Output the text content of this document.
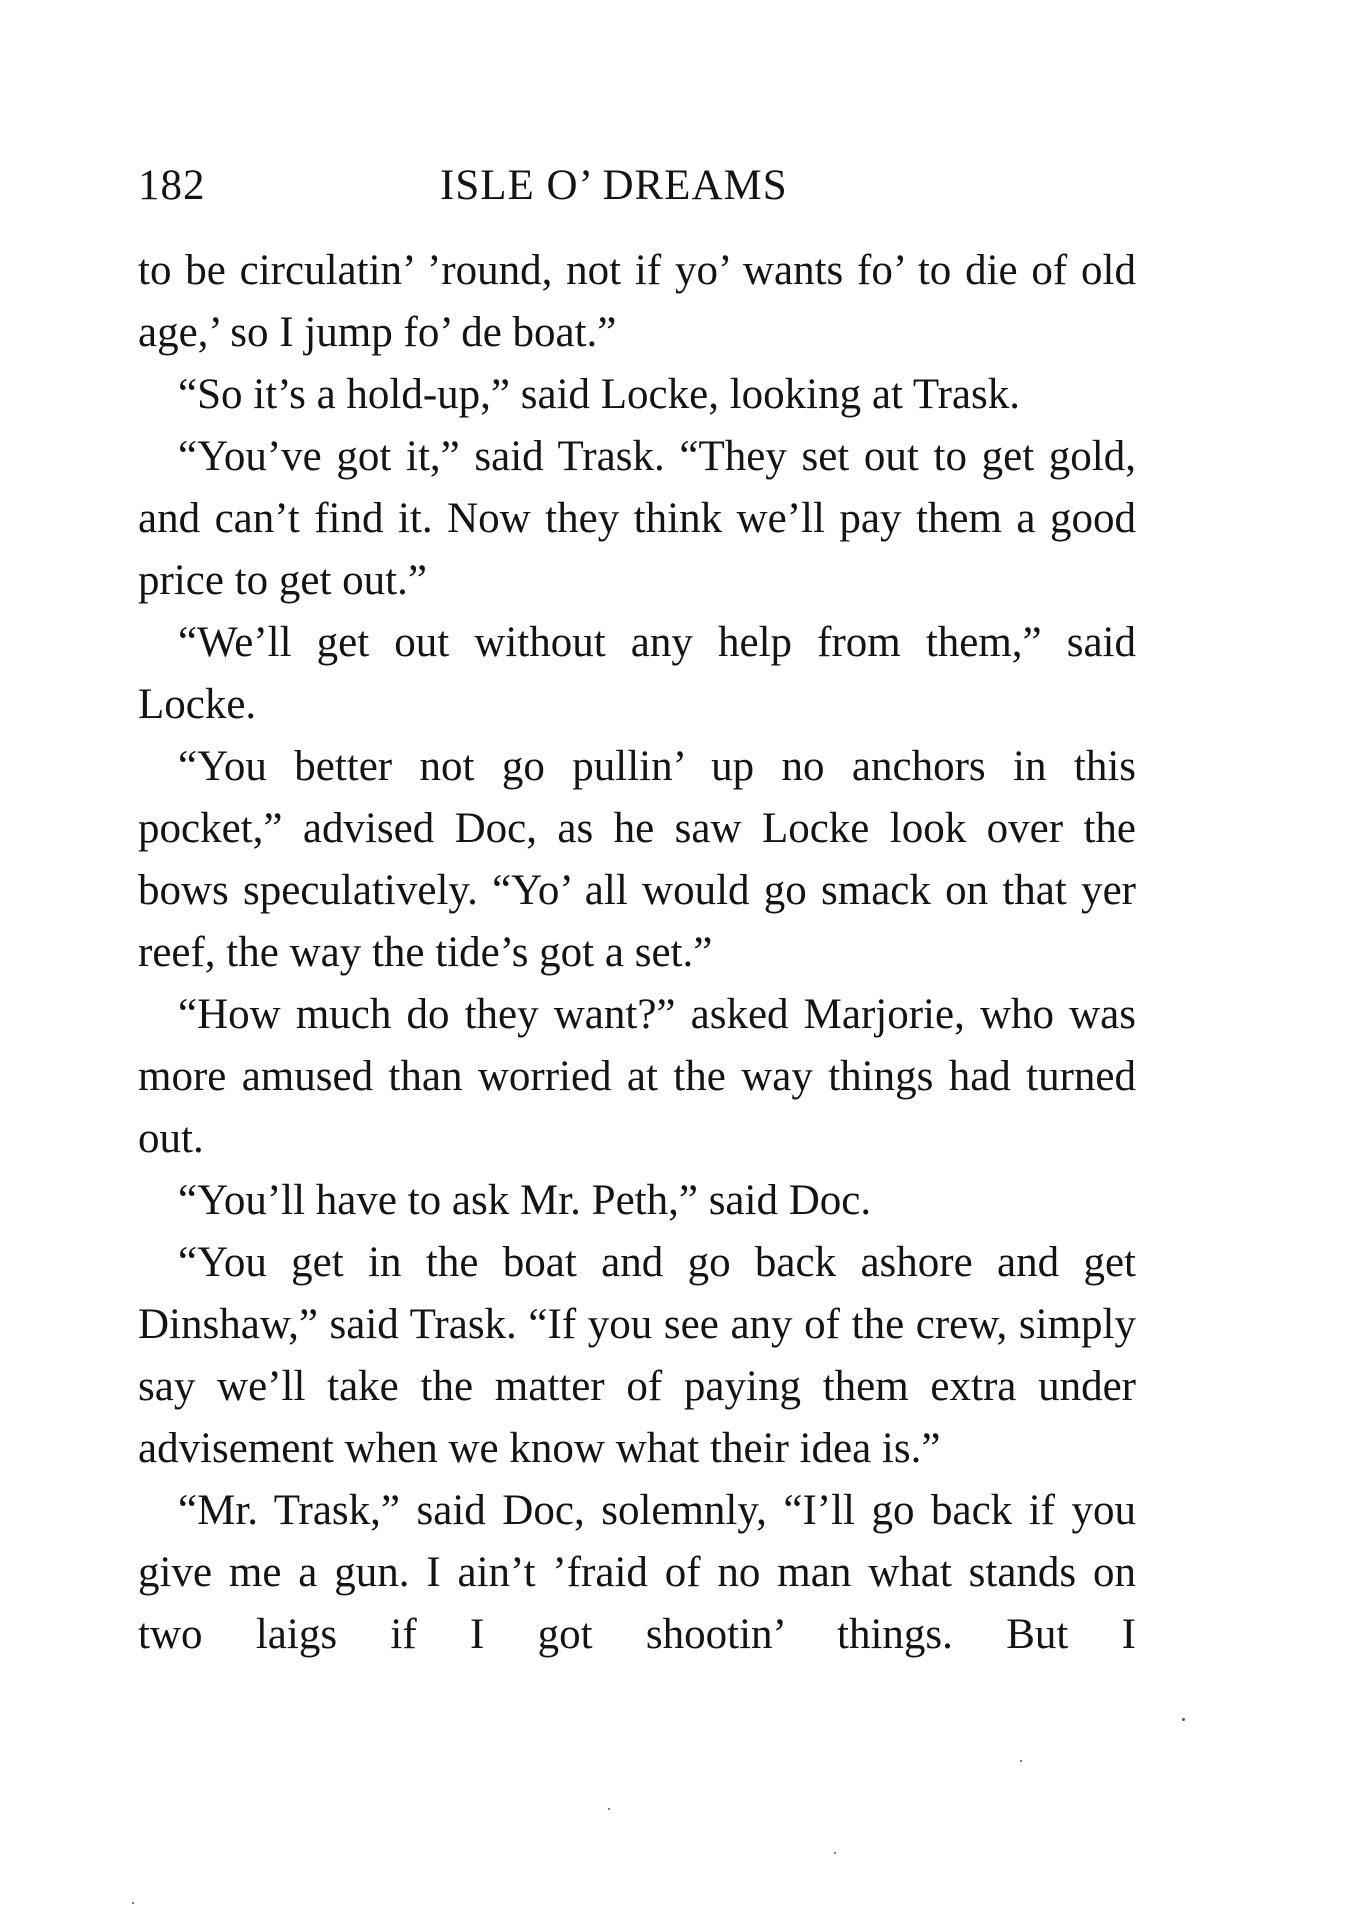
182	ISLE O’ DREAMS

to be circulatin’ ’round, not if yo’ wants fo’ to die of old age,’ so I jump fo’ de boat.”

“So it’s a hold-up,” said Locke, looking at Trask.

“You’ve got it,” said Trask. “They set out to get gold, and can’t find it. Now they think we’ll pay them a good price to get out.”

“We’ll get out without any help from them,” said Locke.

“You better not go pullin’ up no anchors in this pocket,” advised Doc, as he saw Locke look over the bows speculatively. “Yo’ all would go smack on that yer reef, the way the tide’s got a set.”

“How much do they want?” asked Marjorie, who was more amused than worried at the way things had turned out.

“You’ll have to ask Mr. Peth,” said Doc.

“You get in the boat and go back ashore and get Dinshaw,” said Trask. “If you see any of the crew, simply say we’ll take the matter of paying them extra under advisement when we know what their idea is.”

“Mr. Trask,” said Doc, solemnly, “I’ll go back if you give me a gun. I ain’t ’fraid of no man what stands on two laigs if I got shootin’ things. But I
